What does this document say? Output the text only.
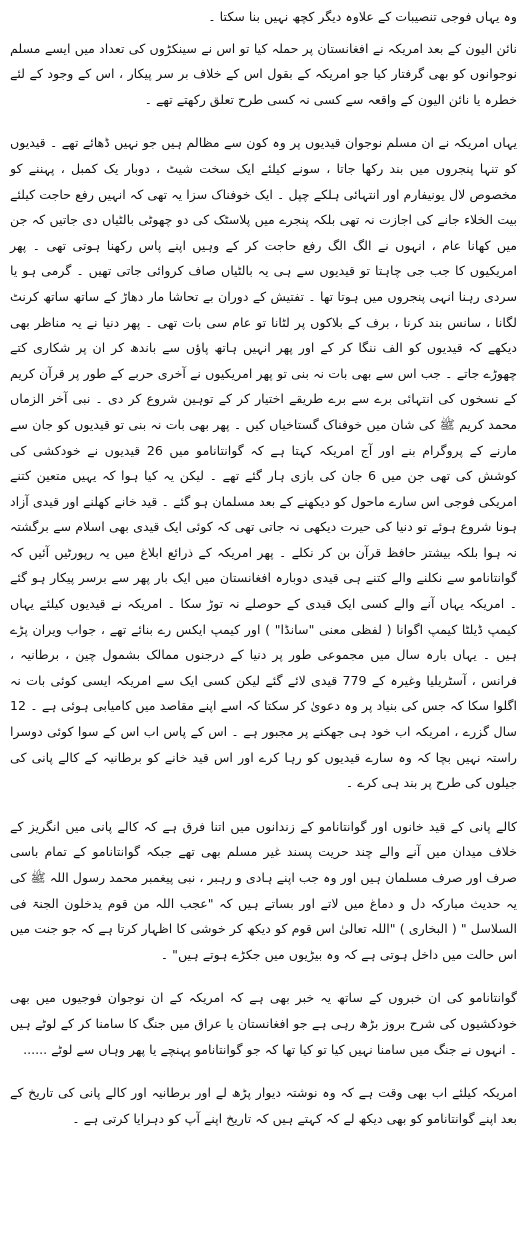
وہ یہاں فوجی تنصیبات کے علاوہ دیگر کچھ نہیں بنا سکتا ۔

نائن الیون کے بعد امریکہ نے افغانستان پر حملہ کیا تو اس نے سینکڑوں کی تعداد میں ایسے مسلم نوجوانوں کو بھی گرفتار کیا جو امریکہ کے بقول اس کے خلاف بر سر پیکار ، اس کے وجود کے لئے خطرہ یا نائن الیون کے واقعہ سے کسی نہ کسی طرح تعلق رکھتے تھے ۔

یہاں امریکہ نے ان مسلم نوجوان قیدیوں پر وہ کون سے مظالم ہیں جو نہیں ڈھائے تھے ۔ قیدیوں کو تنہا پنجروں میں بند رکھا جاتا ، سونے کیلئے ایک سخت شیٹ ، دوبار یک کمبل ، پہننے کو مخصوص لال یونیفارم اور انتہائی ہلکے چپل ۔ ایک خوفناک سزا یہ تھی کہ انہیں رفع حاجت کیلئے بیت الخلاء جانے کی اجازت نہ تھی بلکہ پنجرے میں پلاسٹک کی دو چھوٹی بالٹیاں دی جاتیں کہ جن میں کھانا عام ، انہوں نے الگ الگ رفع حاجت کر کے وہیں اپنے پاس رکھنا ہوتی تھی ۔ پھر امریکیوں کا جب جی چاہتا تو قیدیوں سے ہی یہ بالٹیاں صاف کروائی جاتی تھیں ۔ گرمی ہو یا سردی رہنا انہی پنجروں میں ہوتا تھا ۔ تفتیش کے دوران بے تحاشا مار دھاڑ کے ساتھ ساتھ کرنٹ لگانا ، سانس بند کرنا ، برف کے بلاکوں پر لٹانا تو عام سی بات تھی ۔ پھر دنیا نے یہ مناظر بھی دیکھے کہ قیدیوں کو الف ننگا کر کے اور پھر انہیں ہاتھ پاؤں سے باندھ کر ان پر شکاری کتے چھوڑے جاتے ۔ جب اس سے بھی بات نہ بنی تو پھر امریکیوں نے آخری حربے کے طور پر قرآن کریم کے نسخوں کی انتہائی برے سے برے طریقے اختیار کر کے توہین شروع کر دی ۔ نبی آخر الزماں محمد کریم ﷺ کی شان میں خوفناک گستاخیاں کیں ۔ پھر بھی بات نہ بنی تو قیدیوں کو جان سے مارنے کے پروگرام بنے اور آج امریکہ کہتا ہے کہ گوانتانامو میں 26 قیدیوں نے خودکشی کی کوشش کی تھی جن میں 6 جان کی بازی ہار گئے تھے ۔ لیکن یہ کیا ہوا کہ یہیں متعین کتنے امریکی فوجی اس سارے ماحول کو دیکھنے کے بعد مسلمان ہو گئے ۔ قید خانے کھلنے اور قیدی آزاد ہونا شروع ہوئے تو دنیا کی حیرت دیکھی نہ جاتی تھی کہ کوئی ایک قیدی بھی اسلام سے برگشتہ نہ ہوا بلکہ بیشتر حافظ قرآن بن کر نکلے ۔ پھر امریکہ کے ذرائع ابلاغ میں یہ رپورٹیں آئیں کہ گوانتانامو سے نکلنے والے کتنے ہی قیدی دوبارہ افغانستان میں ایک بار پھر سے برسر پیکار ہو گئے ۔ امریکہ یہاں آنے والے کسی ایک قیدی کے حوصلے نہ توڑ سکا ۔ امریکہ نے قیدیوں کیلئے یہاں کیمپ ڈیلٹا کیمپ اگوانا ( لفظی معنی "سانڈا" ) اور کیمپ ایکس رے بنائے تھے ، جواب ویران پڑے ہیں ۔ یہاں بارہ سال میں مجموعی طور پر دنیا کے درجنوں ممالک بشمول چین ، برطانیہ ، فرانس ، آسٹریلیا وغیرہ کے 779 قیدی لائے گئے لیکن کسی ایک سے امریکہ ایسی کوئی بات نہ اگلوا سکا کہ جس کی بنیاد پر وہ دعویٰ کر سکتا کہ اسے اپنے مقاصد میں کامیابی ہوئی ہے ۔ 12 سال گزرے ، امریکہ اب خود ہی جھکنے پر مجبور ہے ۔ اس کے پاس اب اس کے سوا کوئی دوسرا راستہ نہیں بچا کہ وہ سارے قیدیوں کو رہا کرے اور اس قید خانے کو برطانیہ کے کالے پانی کی جیلوں کی طرح پر بند ہی کرے ۔

کالے پانی کے قید خانوں اور گوانتانامو کے زندانوں میں اتنا فرق ہے کہ کالے پانی میں انگریز کے خلاف میدان میں آنے والے چند حریت پسند غیر مسلم بھی تھے جبکہ گوانتانامو کے تمام باسی صرف اور صرف مسلمان ہیں اور وہ جب اپنے ہادی و رہبر ، نبی پیغمبر محمد رسول اللہ ﷺ کی یہ حدیث مبارکہ دل و دماغ میں لاتے اور بساتے ہیں کہ "عجب اللہ من قوم یدخلون الجنۃ فی السلاسل " ( البخاری ) "اللہ تعالیٰ اس قوم کو دیکھ کر خوشی کا اظہار کرتا ہے کہ جو جنت میں اس حالت میں داخل ہوتی ہے کہ وہ بیڑیوں میں جکڑے ہوتے ہیں" ۔

گوانتانامو کی ان خبروں کے ساتھ یہ خبر بھی ہے کہ امریکہ کے ان نوجوان فوجیوں میں بھی خودکشیوں کی شرح بروز بڑھ رہی ہے جو افغانستان یا عراق میں جنگ کا سامنا کر کے لوٹے ہیں ۔ انہوں نے جنگ میں سامنا نہیں کیا تو کیا تھا کہ جو گوانتانامو پہنچے یا پھر وہاں سے لوٹے ......

امریکہ کیلئے اب بھی وقت ہے کہ وہ نوشتہ دیوار پڑھ لے اور برطانیہ اور کالے پانی کی تاریخ کے بعد اپنے گوانتانامو کو بھی دیکھ لے کہ کہتے ہیں کہ تاریخ اپنے آپ کو دہرایا کرتی ہے ۔
